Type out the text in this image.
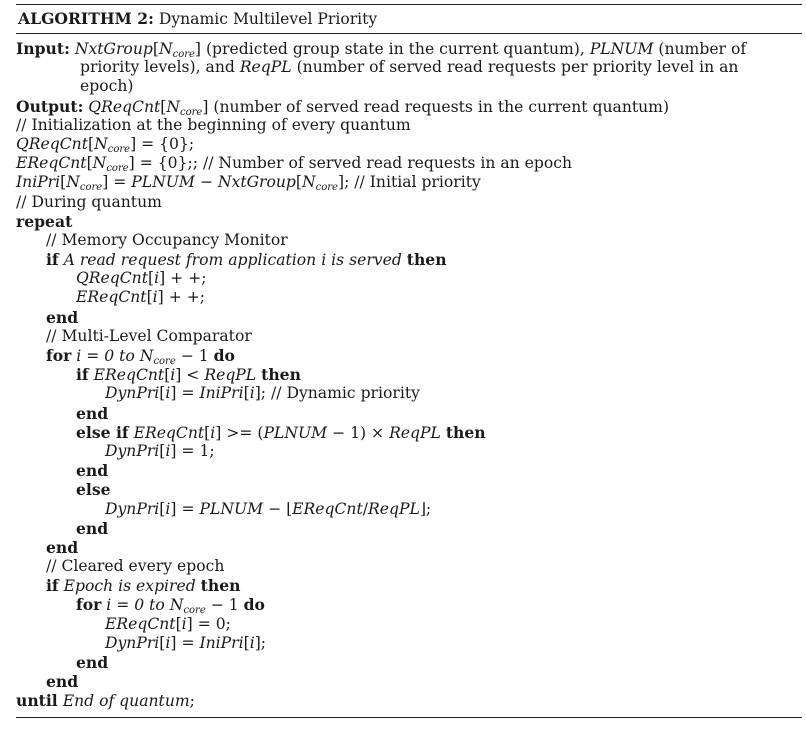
ALGORITHM 2: Dynamic Multilevel Priority
Input: $NxtGroup[N_{core}]$ (predicted group state in the current quantum), PLNUM (number of
priority levels), and ReqPL (number of served read requests per priority level in an
epoch)
Output: $QReqCnt[N_{core}]$ (number of served read requests in the current quantum)
// Initialization at the beginning of every quantum
$QReqCnt[N_{core}] = \{0\}$;
$EReqCnt[N_{core}] = \{0\}$;; // Number of served read requests in an epoch
$IniPri[N_{core}]$ = PLNUM − $NxtGroup[N_{core}]$; // Initial priority
// During quantum
repeat
// Memory Occupancy Monitor
if A read request from application i is served then
QReqCnt[i] + +;
EReqCnt[i] + +;
end
// Multi-Level Comparator
for i = 0 to $N_{core} - 1$ do
if EReqCnt[i] < ReqPL then
DynPri[i] = IniPri[i]; // Dynamic priority
end
else if EReqCnt[i] >= (PLNUM − 1) × ReqPL then
DynPri[i] = 1;
end
else
DynPri[i] = PLNUM − ⌊EReqCnt/ReqPL⌋;
end
end
// Cleared every epoch
if Epoch is expired then
for i = 0 to $N_{core} - 1$ do
EReqCnt[i] = 0;
DynPri[i] = IniPri[i];
end
end
until End of quantum;
